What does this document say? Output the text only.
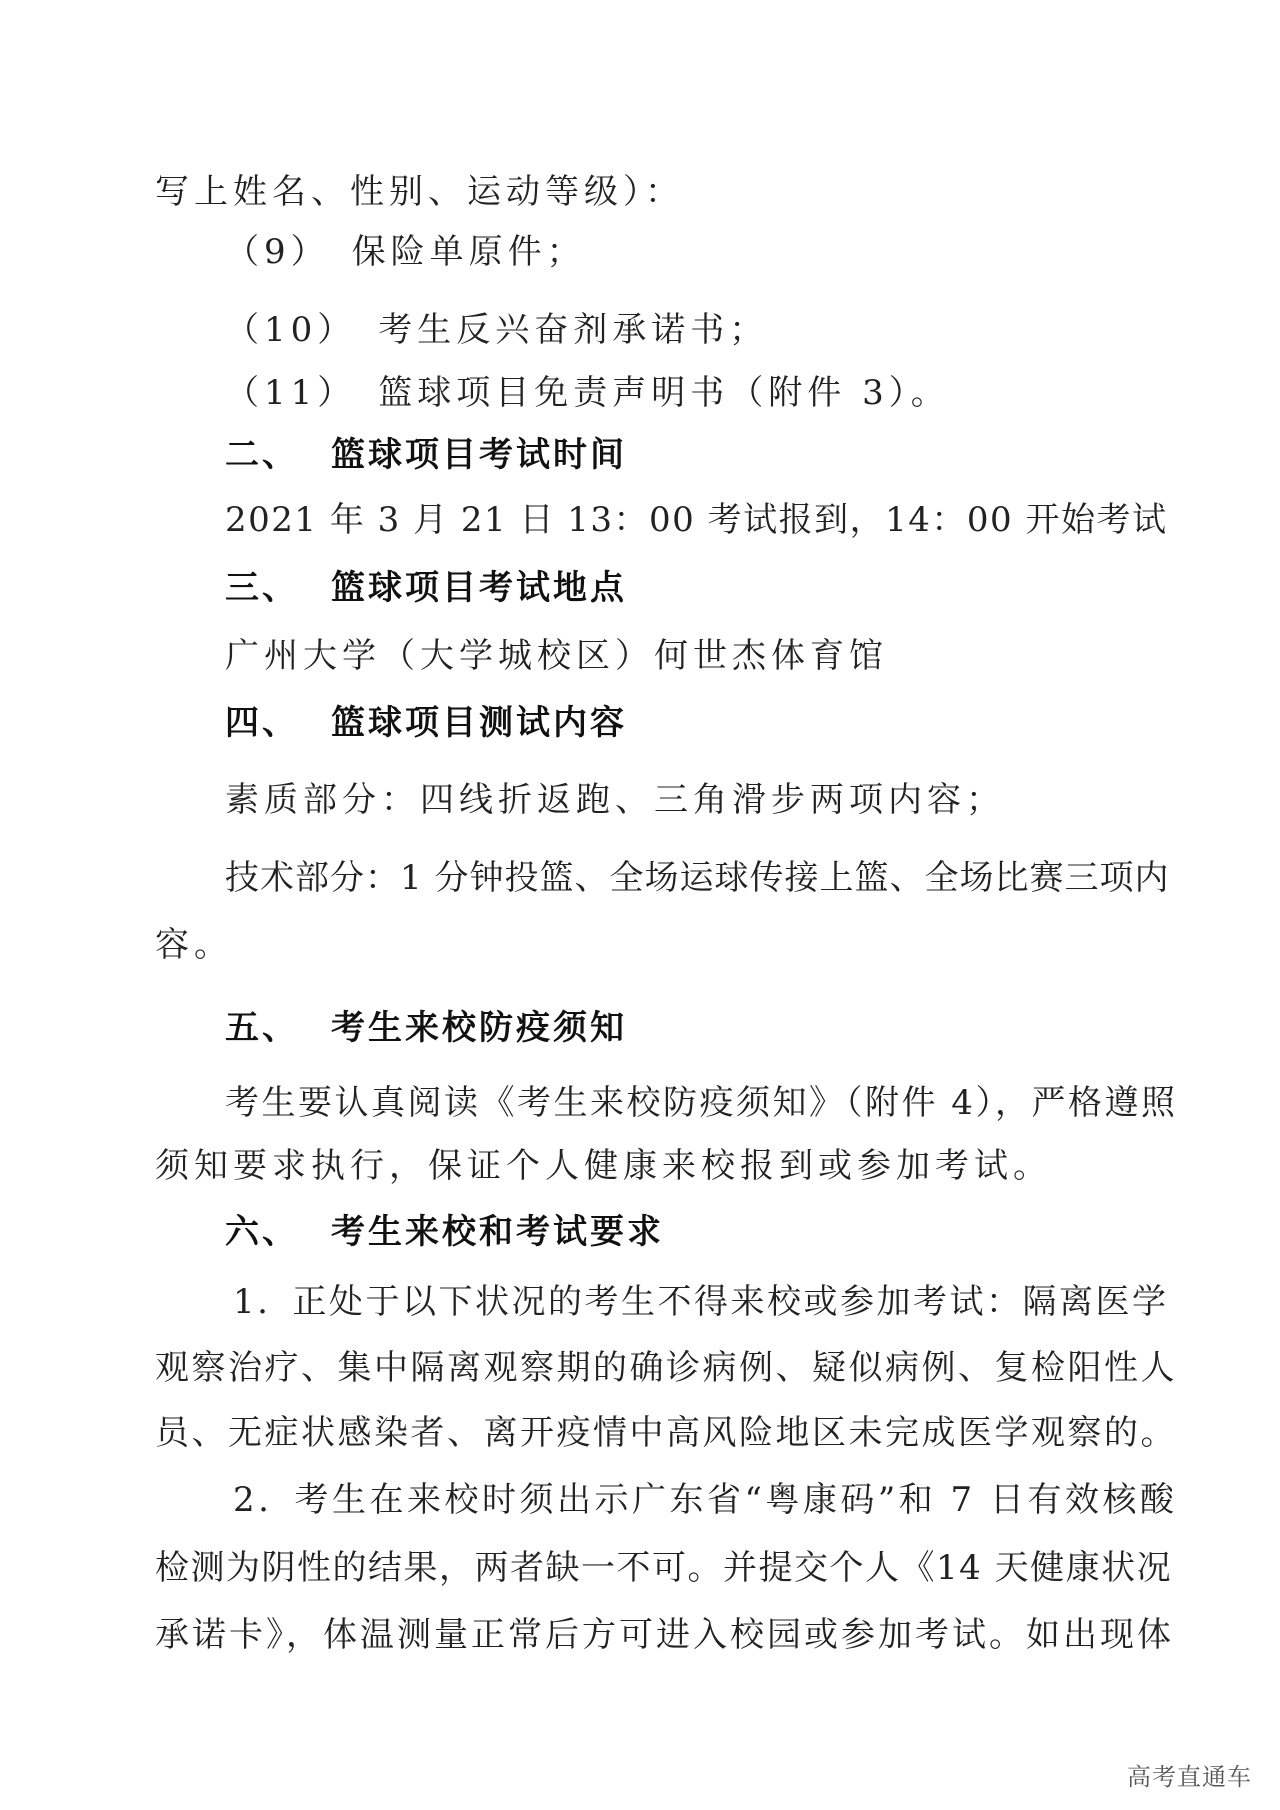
写上姓名、性别、运动等级）：
（9） 保险单原件；
（10） 考生反兴奋剂承诺书；
（11） 篮球项目免责声明书（附件 3）。
二、 篮球项目考试时间
2021 年 3 月 21 日 13：00 考试报到，14：00 开始考试
三、 篮球项目考试地点
广州大学（大学城校区）何世杰体育馆
四、 篮球项目测试内容
素质部分：四线折返跑、三角滑步两项内容；
技术部分：1 分钟投篮、全场运球传接上篮、全场比赛三项内
容。
五、 考生来校防疫须知
考生要认真阅读《考生来校防疫须知》（附件 4），严格遵照
须知要求执行，保证个人健康来校报到或参加考试。
六、 考生来校和考试要求
1. 正处于以下状况的考生不得来校或参加考试：隔离医学
观察治疗、集中隔离观察期的确诊病例、疑似病例、复检阳性人
员、无症状感染者、离开疫情中高风险地区未完成医学观察的。
2. 考生在来校时须出示广东省“粤康码”和 7 日有效核酸
检测为阴性的结果，两者缺一不可。并提交个人《14 天健康状况
承诺卡》，体温测量正常后方可进入校园或参加考试。如出现体
高考直通车
